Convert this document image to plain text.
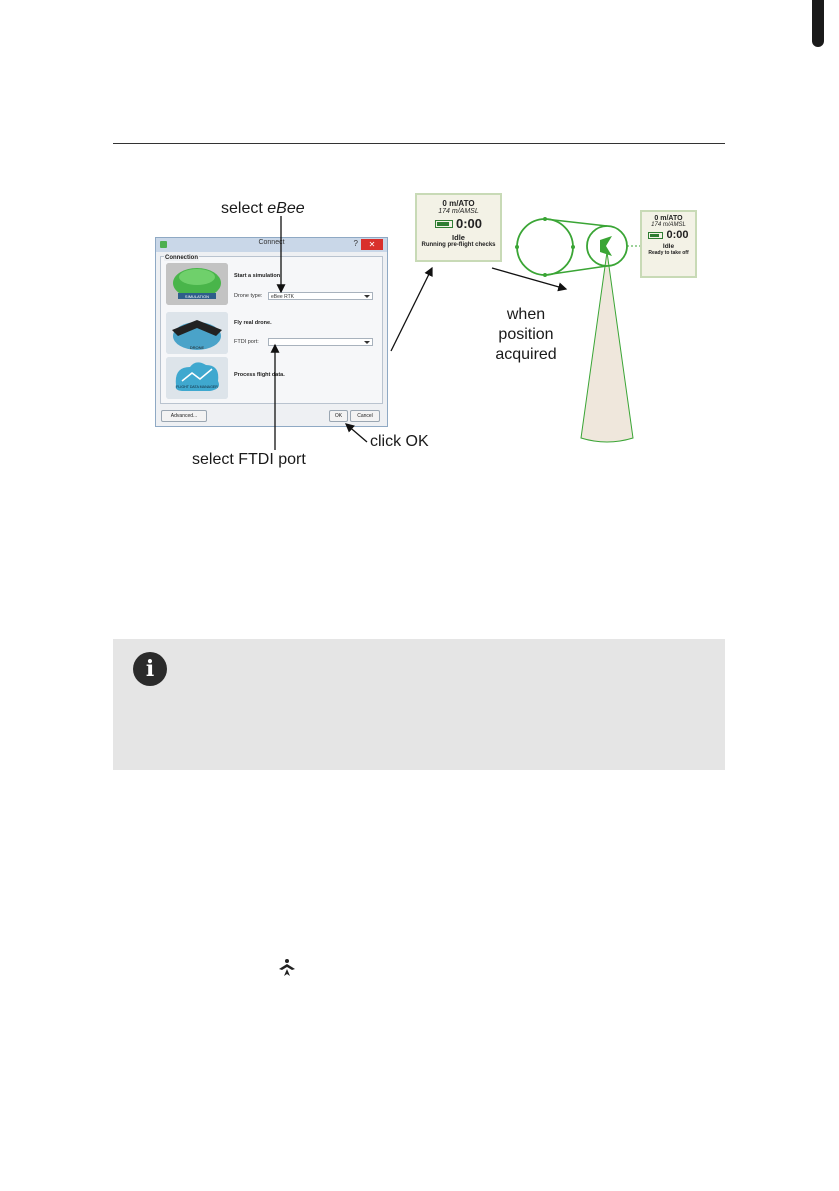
Connect	?	✕
Connection
SIMULATION
Start a simulation.
Drone type:	eBee RTK
DRONE
Fly real drone.
FTDI port:
FLIGHT DATA MANAGER
Process flight data.
Advanced...	OK	Cancel
select eBee
select FTDI port
click OK
when position
acquired
0 m/ATO
174 m/AMSL
0:00
Idle
Running pre-flight checks
0 m/ATO
174 m/AMSL
0:00
Idle
Ready to take off
i
